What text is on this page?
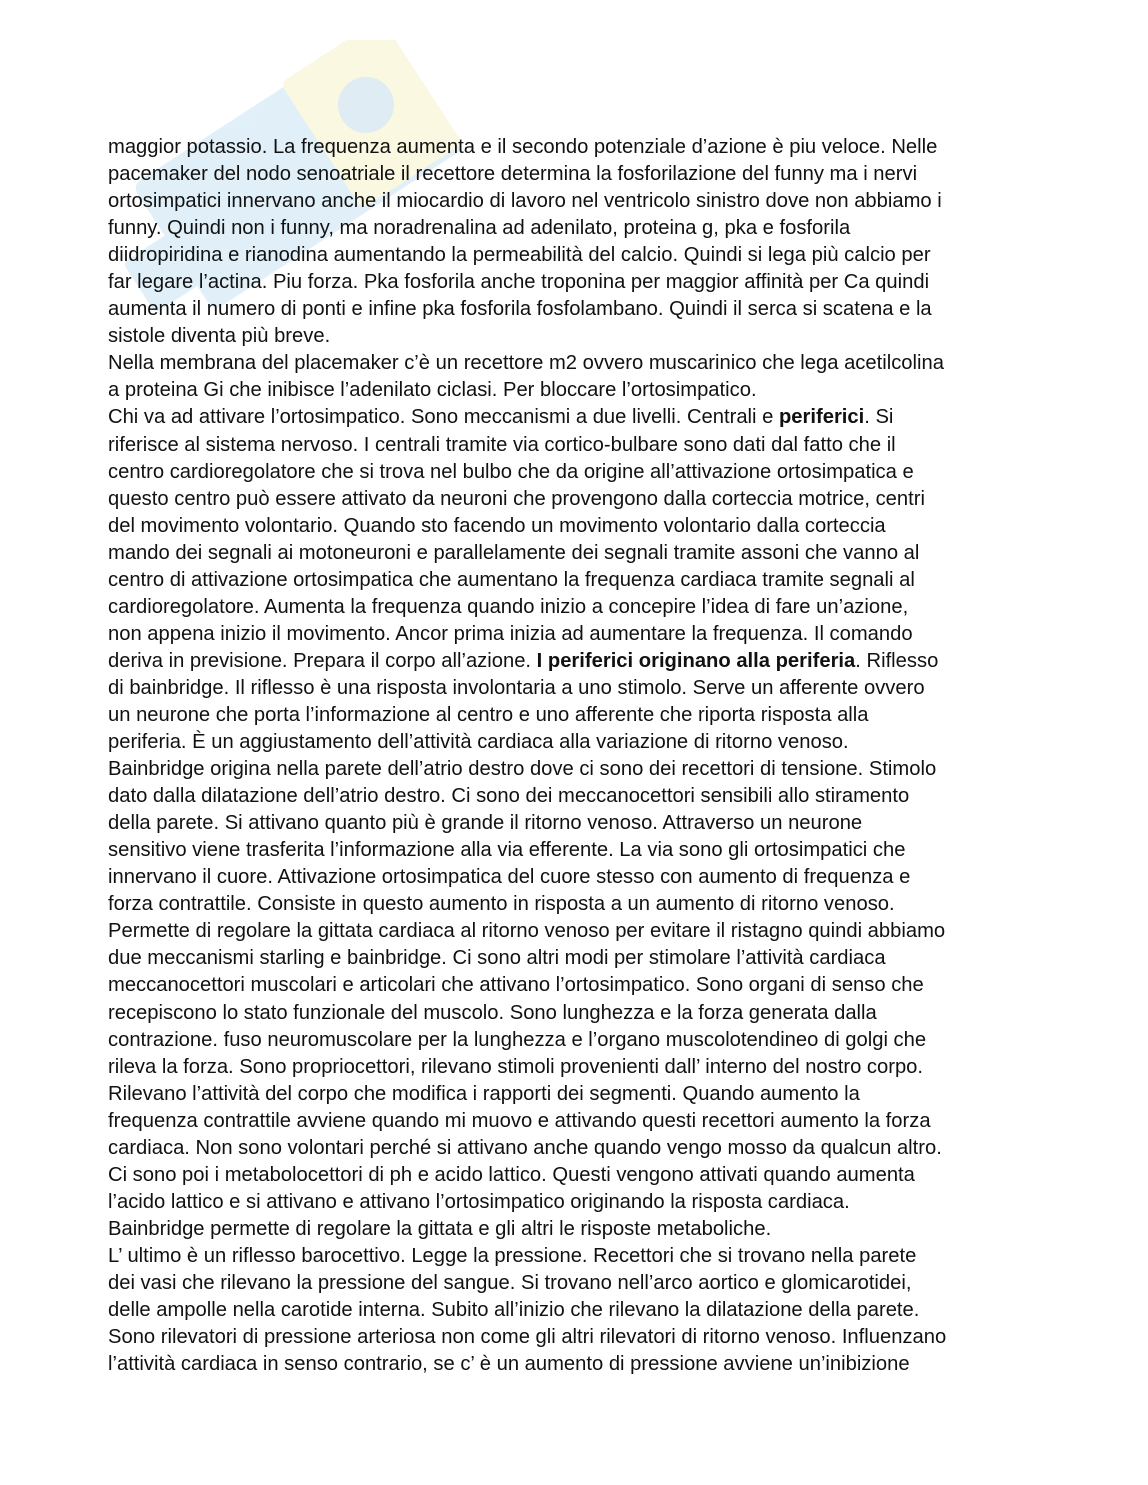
maggior potassio. La frequenza aumenta e il secondo potenziale d’azione è piu veloce. Nelle
pacemaker del nodo senoatriale il recettore determina la fosforilazione del funny ma i nervi
ortosimpatici innervano anche il miocardio di lavoro nel ventricolo sinistro dove non abbiamo i
funny. Quindi non i funny, ma noradrenalina ad adenilato, proteina g, pka e fosforila
diidropiridina e rianodina aumentando la permeabilità del calcio. Quindi si lega più calcio per
far legare l’actina. Piu forza. Pka fosforila anche troponina per maggior affinità per Ca quindi
aumenta il numero di ponti e infine pka fosforila fosfolambano. Quindi il serca si scatena e la
sistole diventa più breve.
Nella membrana del placemaker c’è un recettore m2 ovvero muscarinico che lega acetilcolina
a proteina Gi che inibisce l’adenilato ciclasi. Per bloccare l’ortosimpatico.
Chi va ad attivare l’ortosimpatico. Sono meccanismi a due livelli. Centrali e periferici. Si
riferisce al sistema nervoso. I centrali tramite via cortico-bulbare sono dati dal fatto che il
centro cardioregolatore che si trova nel bulbo che da origine all’attivazione ortosimpatica e
questo centro può essere attivato da neuroni che provengono dalla corteccia motrice, centri
del movimento volontario. Quando sto facendo un movimento volontario dalla corteccia
mando dei segnali ai motoneuroni e parallelamente dei segnali tramite assoni che vanno al
centro di attivazione ortosimpatica che aumentano la frequenza cardiaca tramite segnali al
cardioregolatore. Aumenta la frequenza quando inizio a concepire l’idea di fare un’azione,
non appena inizio il movimento. Ancor prima inizia ad aumentare la frequenza. Il comando
deriva in previsione. Prepara il corpo all’azione. I periferici originano alla periferia. Riflesso
di bainbridge. Il riflesso è una risposta involontaria a uno stimolo. Serve un afferente ovvero
un neurone che porta l’informazione al centro e uno afferente che riporta risposta alla
periferia. È un aggiustamento dell’attività cardiaca alla variazione di ritorno venoso.
Bainbridge origina nella parete dell’atrio destro dove ci sono dei recettori di tensione. Stimolo
dato dalla dilatazione dell’atrio destro. Ci sono dei meccanocettori sensibili allo stiramento
della parete. Si attivano quanto più è grande il ritorno venoso. Attraverso un neurone
sensitivo viene trasferita l’informazione alla via efferente. La via sono gli ortosimpatici che
innervano il cuore. Attivazione ortosimpatica del cuore stesso con aumento di frequenza e
forza contrattile. Consiste in questo aumento in risposta a un aumento di ritorno venoso.
Permette di regolare la gittata cardiaca al ritorno venoso per evitare il ristagno quindi abbiamo
due meccanismi starling e bainbridge. Ci sono altri modi per stimolare l’attività cardiaca
meccanocettori muscolari e articolari che attivano l’ortosimpatico. Sono organi di senso che
recepiscono lo stato funzionale del muscolo. Sono lunghezza e la forza generata dalla
contrazione. fuso neuromuscolare per la lunghezza e l’organo muscolotendineo di golgi che
rileva la forza. Sono propriocettori, rilevano stimoli provenienti dall’ interno del nostro corpo.
Rilevano l’attività del corpo che modifica i rapporti dei segmenti. Quando aumento la
frequenza contrattile avviene quando mi muovo e attivando questi recettori aumento la forza
cardiaca. Non sono volontari perché si attivano anche quando vengo mosso da qualcun altro.
Ci sono poi i metabolocettori di ph e acido lattico. Questi vengono attivati quando aumenta
l’acido lattico e si attivano e attivano l’ortosimpatico originando la risposta cardiaca.
Bainbridge permette di regolare la gittata e gli altri le risposte metaboliche.
L’ ultimo è un riflesso barocettivo. Legge la pressione. Recettori che si trovano nella parete
dei vasi che rilevano la pressione del sangue. Si trovano nell’arco aortico e glomicarotidei,
delle ampolle nella carotide interna. Subito all’inizio che rilevano la dilatazione della parete.
Sono rilevatori di pressione arteriosa non come gli altri rilevatori di ritorno venoso. Influenzano
l’attività cardiaca in senso contrario, se c’ è un aumento di pressione avviene un’inibizione
